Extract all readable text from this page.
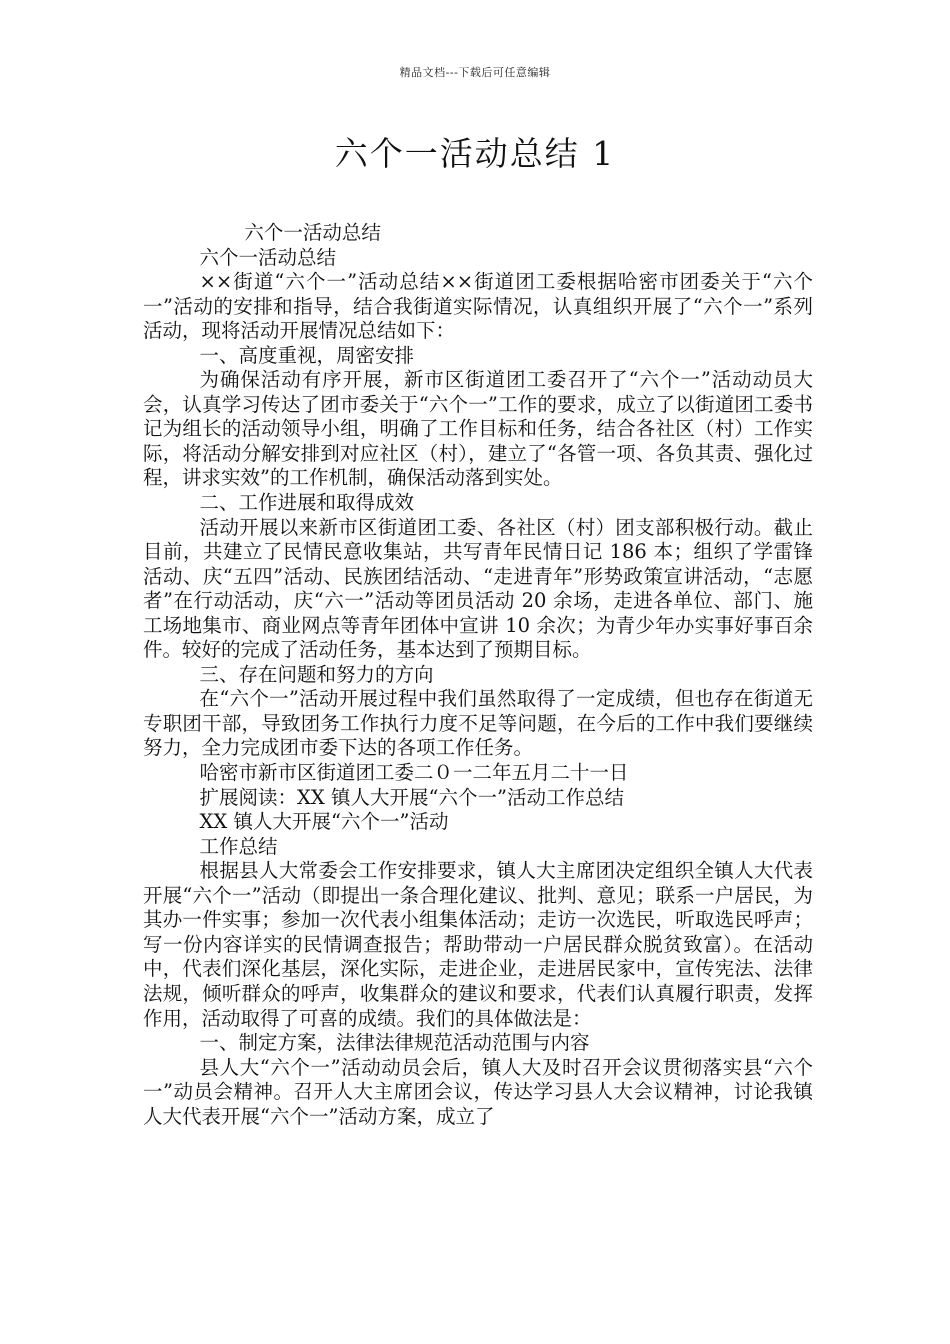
精品文档---下载后可任意编辑
六个一活动总结 1

六个一活动总结

六个一活动总结

××街道“六个一”活动总结××街道团工委根据哈密市团委关于“六个一”活动的安排和指导，结合我街道实际情况，认真组织开展了“六个一”系列活动，现将活动开展情况总结如下：

一、高度重视，周密安排

为确保活动有序开展，新市区街道团工委召开了“六个一”活动动员大会，认真学习传达了团市委关于“六个一”工作的要求，成立了以街道团工委书记为组长的活动领导小组，明确了工作目标和任务，结合各社区（村）工作实际，将活动分解安排到对应社区（村），建立了“各管一项、各负其责、强化过程，讲求实效”的工作机制，确保活动落到实处。

二、工作进展和取得成效

活动开展以来新市区街道团工委、各社区（村）团支部积极行动。截止目前，共建立了民情民意收集站，共写青年民情日记 186 本；组织了学雷锋活动、庆“五四”活动、民族团结活动、“走进青年”形势政策宣讲活动，“志愿者”在行动活动，庆“六一”活动等团员活动 20 余场，走进各单位、部门、施工场地集市、商业网点等青年团体中宣讲 10 余次；为青少年办实事好事百余件。较好的完成了活动任务，基本达到了预期目标。

三、存在问题和努力的方向

在“六个一”活动开展过程中我们虽然取得了一定成绩，但也存在街道无专职团干部，导致团务工作执行力度不足等问题，在今后的工作中我们要继续努力，全力完成团市委下达的各项工作任务。

哈密市新市区街道团工委二０一二年五月二十一日

扩展阅读：XX 镇人大开展“六个一”活动工作总结

XX 镇人大开展“六个一”活动

工作总结

根据县人大常委会工作安排要求，镇人大主席团决定组织全镇人大代表开展“六个一”活动（即提出一条合理化建议、批判、意见；联系一户居民，为其办一件实事；参加一次代表小组集体活动；走访一次选民，听取选民呼声；写一份内容详实的民情调查报告；帮助带动一户居民群众脱贫致富）。在活动中，代表们深化基层，深化实际，走进企业，走进居民家中，宣传宪法、法律法规，倾听群众的呼声，收集群众的建议和要求，代表们认真履行职责，发挥作用，活动取得了可喜的成绩。我们的具体做法是：

一、制定方案，法律法律规范活动范围与内容

县人大“六个一”活动动员会后，镇人大及时召开会议贯彻落实县“六个一”动员会精神。召开人大主席团会议，传达学习县人大会议精神，讨论我镇人大代表开展“六个一”活动方案，成立了
